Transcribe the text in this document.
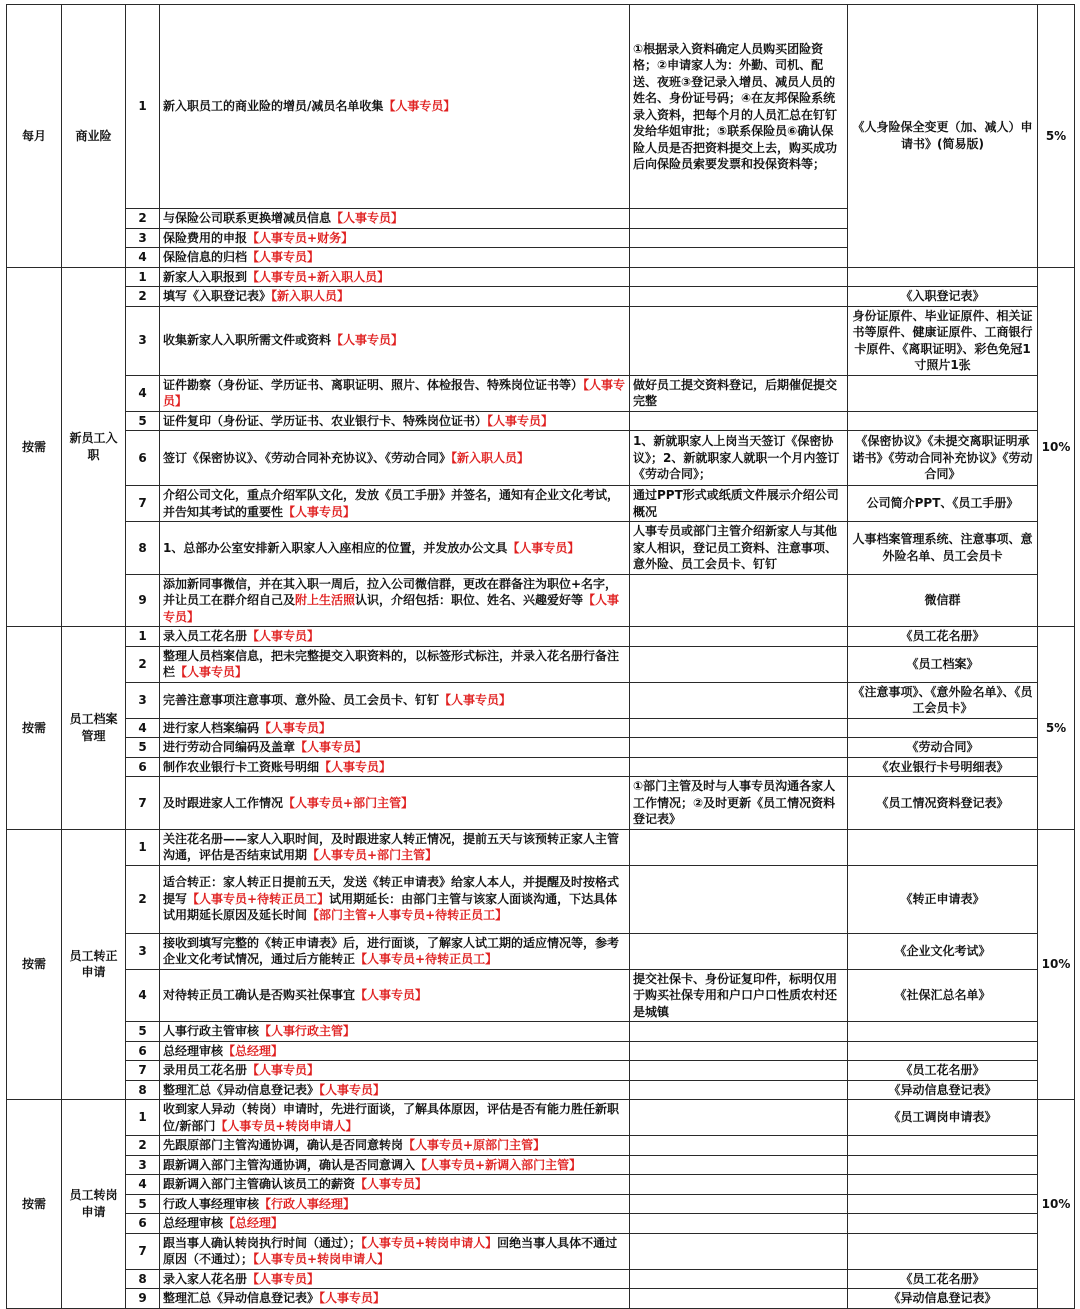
每月	商业险	1	新入职员工的商业险的增员/减员名单收集【人事专员】	①根据录入资料确定人员购买团险资格；②申请家人为：外勤、司机、配送、夜班③登记录入增员、减员人员的姓名、身份证号码；④在友邦保险系统录入资料，把每个月的人员汇总在钉钉发给华姐审批；⑤联系保险员⑥确认保险人员是否把资料提交上去，购买成功后向保险员索要发票和投保资料等；	《人身险保全变更（加、减人）申请书》(简易版)	5%
		2	与保险公司联系更换增减员信息【人事专员】			
		3	保险费用的申报【人事专员+财务】			
		4	保险信息的归档【人事专员】			
按需	新员工入职	1	新家人入职报到【人事专员+新入职人员】			10%
		2	填写《入职登记表》【新入职人员】		《入职登记表》	
		3	收集新家人入职所需文件或资料【人事专员】		身份证原件、毕业证原件、相关证书等原件、健康证原件、工商银行卡原件、《离职证明》、彩色免冠1寸照片1张	
		4	证件勘察（身份证、学历证书、离职证明、照片、体检报告、特殊岗位证书等）【人事专员】	做好员工提交资料登记，后期催促提交完整		
		5	证件复印（身份证、学历证书、农业银行卡、特殊岗位证书）【人事专员】			
		6	签订《保密协议》、《劳动合同补充协议》、《劳动合同》【新入职人员】	1、新就职家人上岗当天签订《保密协议》；2、新就职家人就职一个月内签订《劳动合同》；	《保密协议》《未提交离职证明承诺书》《劳动合同补充协议》《劳动合同》	
		7	介绍公司文化，重点介绍军队文化，发放《员工手册》并签名，通知有企业文化考试，并告知其考试的重要性【人事专员】	通过PPT形式或纸质文件展示介绍公司概况	公司简介PPT、《员工手册》	
		8	1、总部办公室安排新入职家人入座相应的位置，并发放办公文具【人事专员】	人事专员或部门主管介绍新家人与其他家人相识，登记员工资料、注意事项、意外险、员工会员卡、钉钉	人事档案管理系统、注意事项、意外险名单、员工会员卡	
		9	添加新同事微信，并在其入职一周后，拉入公司微信群，更改在群备注为职位+名字，并让员工在群介绍自己及附上生活照认识，介绍包括：职位、姓名、兴趣爱好等【人事专员】		微信群	
按需	员工档案管理	1	录入员工花名册【人事专员】		《员工花名册》	5%
		2	整理人员档案信息，把未完整提交入职资料的，以标签形式标注，并录入花名册行备注栏【人事专员】		《员工档案》	
		3	完善注意事项注意事项、意外险、员工会员卡、钉钉【人事专员】		《注意事项》、《意外险名单》、《员工会员卡》	
		4	进行家人档案编码【人事专员】			
		5	进行劳动合同编码及盖章【人事专员】		《劳动合同》	
		6	制作农业银行卡工资账号明细【人事专员】		《农业银行卡号明细表》	
		7	及时跟进家人工作情况【人事专员+部门主管】	①部门主管及时与人事专员沟通各家人工作情况；②及时更新《员工情况资料登记表》	《员工情况资料登记表》	
按需	员工转正申请	1	关注花名册——家人入职时间，及时跟进家人转正情况，提前五天与该预转正家人主管沟通，评估是否结束试用期【人事专员+部门主管】			10%
		2	适合转正：家人转正日提前五天，发送《转正申请表》给家人本人，并提醒及时按格式提写【人事专员+待转正员工】试用期延长：由部门主管与该家人面谈沟通，下达具体试用期延长原因及延长时间【部门主管+人事专员+待转正员工】		《转正申请表》	
		3	接收到填写完整的《转正申请表》后，进行面谈，了解家人试工期的适应情况等，参考企业文化考试情况，通过后方能转正【人事专员+待转正员工】		《企业文化考试》	
		4	对待转正员工确认是否购买社保事宜【人事专员】	提交社保卡、身份证复印件，标明仅用于购买社保专用和户口户口性质农村还是城镇	《社保汇总名单》	
		5	人事行政主管审核【人事行政主管】			
		6	总经理审核【总经理】			
		7	录用员工花名册【人事专员】		《员工花名册》	
		8	整理汇总《异动信息登记表》【人事专员】		《异动信息登记表》	
按需	员工转岗申请	1	收到家人异动（转岗）申请时，先进行面谈，了解具体原因，评估是否有能力胜任新职位/新部门【人事专员+转岗申请人】		《员工调岗申请表》	10%
		2	先跟原部门主管沟通协调，确认是否同意转岗【人事专员+原部门主管】			
		3	跟新调入部门主管沟通协调，确认是否同意调入【人事专员+新调入部门主管】			
		4	跟新调入部门主管确认该员工的薪资【人事专员】			
		5	行政人事经理审核【行政人事经理】			
		6	总经理审核【总经理】			
		7	跟当事人确认转岗执行时间（通过）；【人事专员+转岗申请人】回绝当事人具体不通过原因（不通过）；【人事专员+转岗申请人】			
		8	录入家人花名册【人事专员】		《员工花名册》	
		9	整理汇总《异动信息登记表》【人事专员】		《异动信息登记表》	
